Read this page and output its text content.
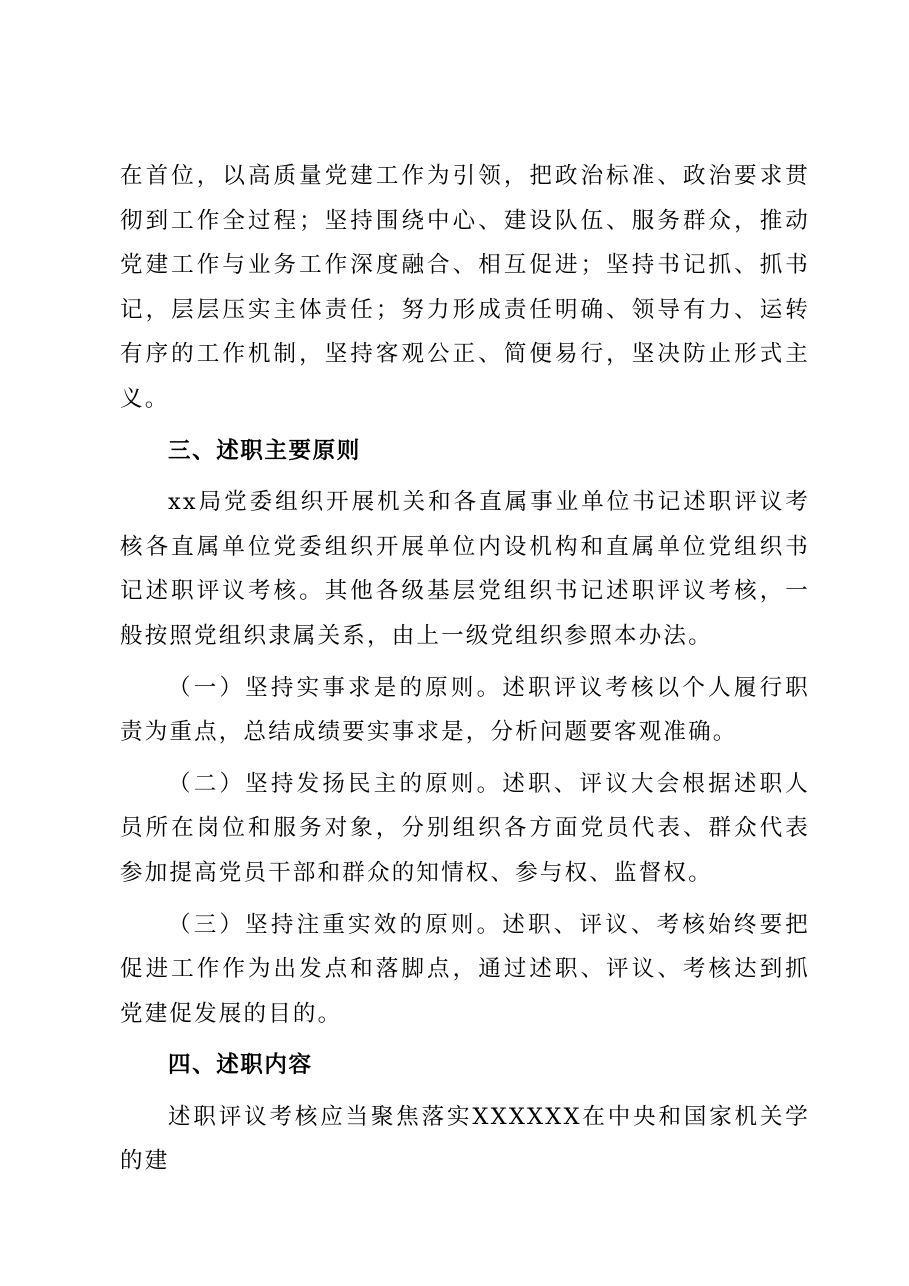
在首位，以高质量党建工作为引领，把政治标准、政治要求贯彻到工作全过程；坚持围绕中心、建设队伍、服务群众，推动党建工作与业务工作深度融合、相互促进；坚持书记抓、抓书记，层层压实主体责任；努力形成责任明确、领导有力、运转有序的工作机制，坚持客观公正、简便易行，坚决防止形式主义。

三、述职主要原则

xx局党委组织开展机关和各直属事业单位书记述职评议考核各直属单位党委组织开展单位内设机构和直属单位党组织书记述职评议考核。其他各级基层党组织书记述职评议考核，一般按照党组织隶属关系，由上一级党组织参照本办法。

（一）坚持实事求是的原则。述职评议考核以个人履行职责为重点，总结成绩要实事求是，分析问题要客观准确。

（二）坚持发扬民主的原则。述职、评议大会根据述职人员所在岗位和服务对象，分别组织各方面党员代表、群众代表参加提高党员干部和群众的知情权、参与权、监督权。

（三）坚持注重实效的原则。述职、评议、考核始终要把促进工作作为出发点和落脚点，通过述职、评议、考核达到抓党建促发展的目的。

四、述职内容

述职评议考核应当聚焦落实XXXXXX在中央和国家机关学的建
